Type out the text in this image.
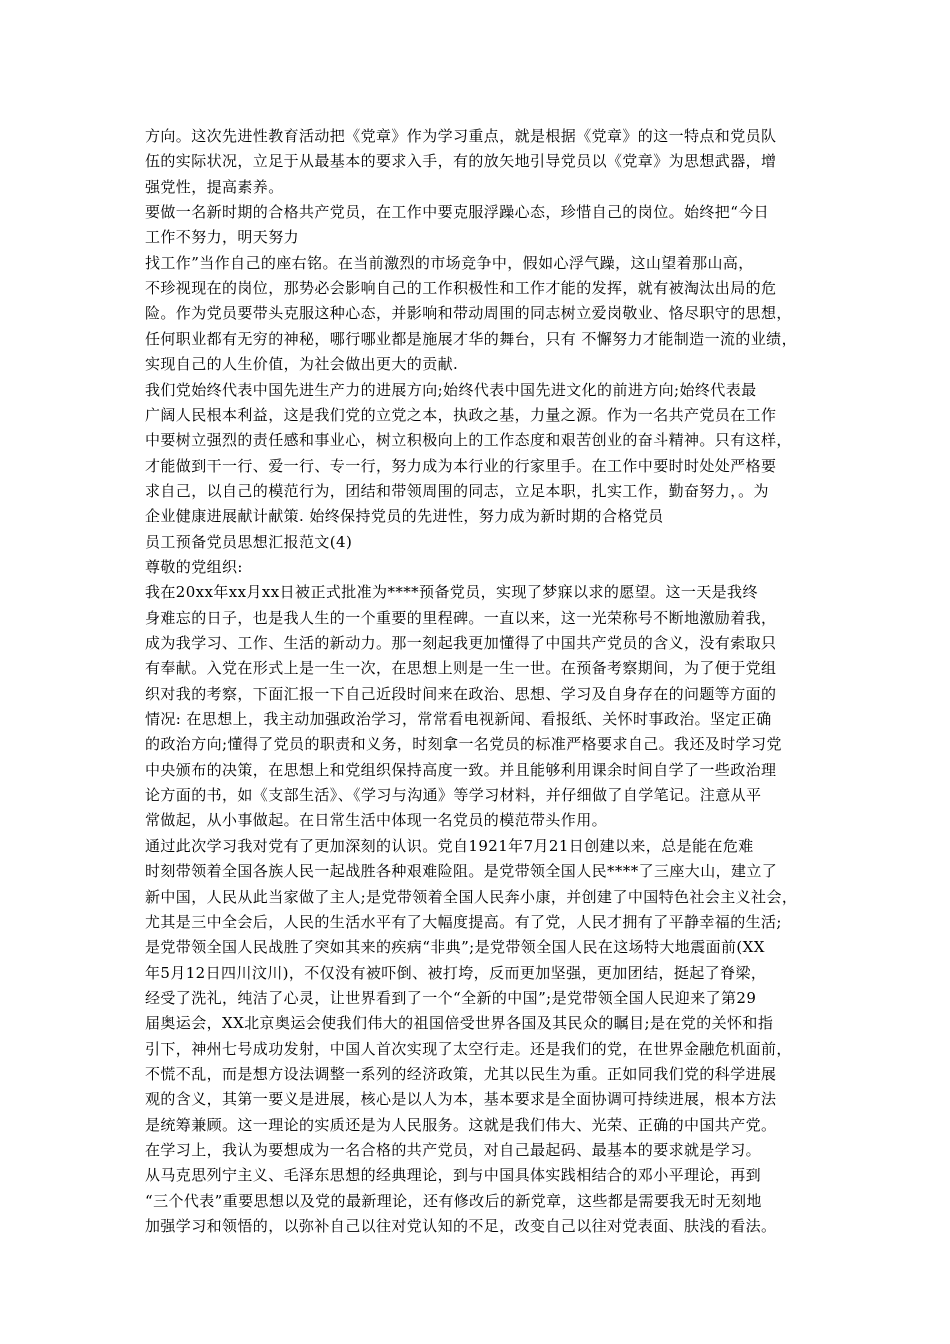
方向。这次先进性教育活动把《党章》作为学习重点，就是根据《党章》的这一特点和党员队
伍的实际状况，立足于从最基本的要求入手，有的放矢地引导党员以《党章》为思想武器，增
强党性，提高素养。
要做一名新时期的合格共产党员，在工作中要克服浮躁心态，珍惜自己的岗位。始终把“今日
工作不努力，明天努力
找工作”当作自己的座右铭。在当前激烈的市场竞争中，假如心浮气躁，这山望着那山高，
不珍视现在的岗位，那势必会影响自己的工作积极性和工作才能的发挥，就有被淘汰出局的危
险。作为党员要带头克服这种心态，并影响和带动周围的同志树立爱岗敬业、恪尽职守的思想，
任何职业都有无穷的神秘，哪行哪业都是施展才华的舞台，只有 不懈努力才能制造一流的业绩，
实现自己的人生价值，为社会做出更大的贡献.
我们党始终代表中国先进生产力的进展方向;始终代表中国先进文化的前进方向;始终代表最
广阔人民根本利益，这是我们党的立党之本，执政之基，力量之源。作为一名共产党员在工作
中要树立强烈的责任感和事业心，树立积极向上的工作态度和艰苦创业的奋斗精神。只有这样，
才能做到干一行、爱一行、专一行，努力成为本行业的行家里手。在工作中要时时处处严格要
求自己，以自己的模范行为，团结和带领周围的同志，立足本职，扎实工作，勤奋努力，。为
企业健康进展献计献策. 始终保持党员的先进性，努力成为新时期的合格党员
员工预备党员思想汇报范文(4)
尊敬的党组织:
我在20xx年xx月xx日被正式批准为****预备党员，实现了梦寐以求的愿望。这一天是我终
身难忘的日子，也是我人生的一个重要的里程碑。一直以来，这一光荣称号不断地激励着我，
成为我学习、工作、生活的新动力。那一刻起我更加懂得了中国共产党员的含义，没有索取只
有奉献。入党在形式上是一生一次，在思想上则是一生一世。在预备考察期间，为了便于党组
织对我的考察，下面汇报一下自己近段时间来在政治、思想、学习及自身存在的问题等方面的
情况: 在思想上，我主动加强政治学习，常常看电视新闻、看报纸、关怀时事政治。坚定正确
的政治方向;懂得了党员的职责和义务，时刻拿一名党员的标准严格要求自己。我还及时学习党
中央颁布的决策，在思想上和党组织保持高度一致。并且能够利用课余时间自学了一些政治理
论方面的书，如《支部生活》、《学习与沟通》等学习材料，并仔细做了自学笔记。注意从平
常做起，从小事做起。在日常生活中体现一名党员的模范带头作用。
通过此次学习我对党有了更加深刻的认识。党自1921年7月21日创建以来，总是能在危难
时刻带领着全国各族人民一起战胜各种艰难险阻。是党带领全国人民****了三座大山，建立了
新中国，人民从此当家做了主人;是党带领着全国人民奔小康，并创建了中国特色社会主义社会，
尤其是三中全会后，人民的生活水平有了大幅度提高。有了党，人民才拥有了平静幸福的生活;
是党带领全国人民战胜了突如其来的疾病“非典”;是党带领全国人民在这场特大地震面前(XX
年5月12日四川汶川)，不仅没有被吓倒、被打垮，反而更加坚强，更加团结，挺起了脊梁，
经受了洗礼，纯洁了心灵，让世界看到了一个“全新的中国”;是党带领全国人民迎来了第29
届奥运会，XX北京奥运会使我们伟大的祖国倍受世界各国及其民众的瞩目;是在党的关怀和指
引下，神州七号成功发射，中国人首次实现了太空行走。还是我们的党，在世界金融危机面前，
不慌不乱，而是想方设法调整一系列的经济政策，尤其以民生为重。正如同我们党的科学进展
观的含义，其第一要义是进展，核心是以人为本，基本要求是全面协调可持续进展，根本方法
是统筹兼顾。这一理论的实质还是为人民服务。这就是我们伟大、光荣、正确的中国共产党。
在学习上，我认为要想成为一名合格的共产党员，对自己最起码、最基本的要求就是学习。
从马克思列宁主义、毛泽东思想的经典理论，到与中国具体实践相结合的邓小平理论，再到
“三个代表”重要思想以及党的最新理论，还有修改后的新党章，这些都是需要我无时无刻地
加强学习和领悟的，以弥补自己以往对党认知的不足，改变自己以往对党表面、肤浅的看法。
